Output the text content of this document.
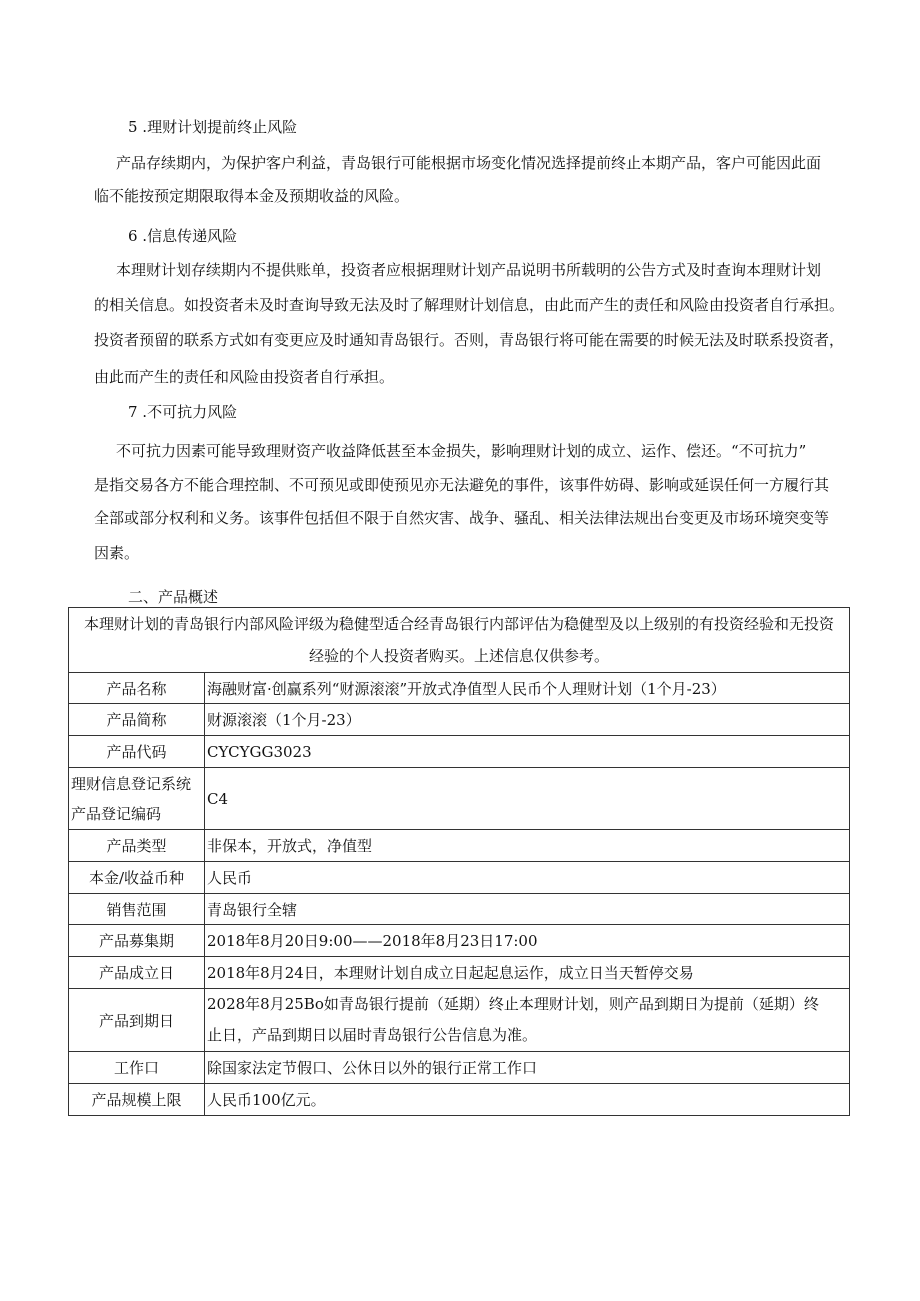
5 .理财计划提前终止风险
产品存续期内，为保护客户利益，青岛银行可能根据市场变化情况选择提前终止本期产品，客户可能因此面
临不能按预定期限取得本金及预期收益的风险。
6 .信息传递风险
本理财计划存续期内不提供账单，投资者应根据理财计划产品说明书所载明的公告方式及时查询本理财计划
的相关信息。如投资者未及时查询导致无法及时了解理财计划信息，由此而产生的责任和风险由投资者自行承担。
投资者预留的联系方式如有变更应及时通知青岛银行。否则，青岛银行将可能在需要的时候无法及时联系投资者，
由此而产生的责任和风险由投资者自行承担。
7 .不可抗力风险
不可抗力因素可能导致理财资产收益降低甚至本金损失，影响理财计划的成立、运作、偿还。“不可抗力”
是指交易各方不能合理控制、不可预见或即使预见亦无法避免的事件，该事件妨碍、影响或延误任何一方履行其
全部或部分权利和义务。该事件包括但不限于自然灾害、战争、骚乱、相关法律法规出台变更及市场环境突变等
因素。
二、产品概述
本理财计划的青岛银行内部风险评级为稳健型适合经青岛银行内部评估为稳健型及以上级别的有投资经验和无投资
经验的个人投资者购买。上述信息仅供参考。	

产品名称	海融财富·创赢系列“财源滚滚”开放式净值型人民币个人理财计划（1个月-23）
产品简称	财源滚滚（1个月-23）
产品代码	CYCYGG3023

理财信息登记系统
产品登记编码	C4
产品类型	非保本，开放式，净值型
本金/收益币种	人民币
销售范围	青岛银行全辖
产品募集期	2018年8月20日9:00——2018年8月23日17:00
产品成立日	2018年8月24日，本理财计划自成立日起起息运作，成立日当天暂停交易
产品到期日	2028年8月25Bo如青岛银行提前（延期）终止本理财计划，则产品到期日为提前（延期）终
止日，产品到期日以届时青岛银行公告信息为准。

工作口	除国家法定节假口、公休日以外的银行正常工作口
产品规模上限	人民币100亿元。
